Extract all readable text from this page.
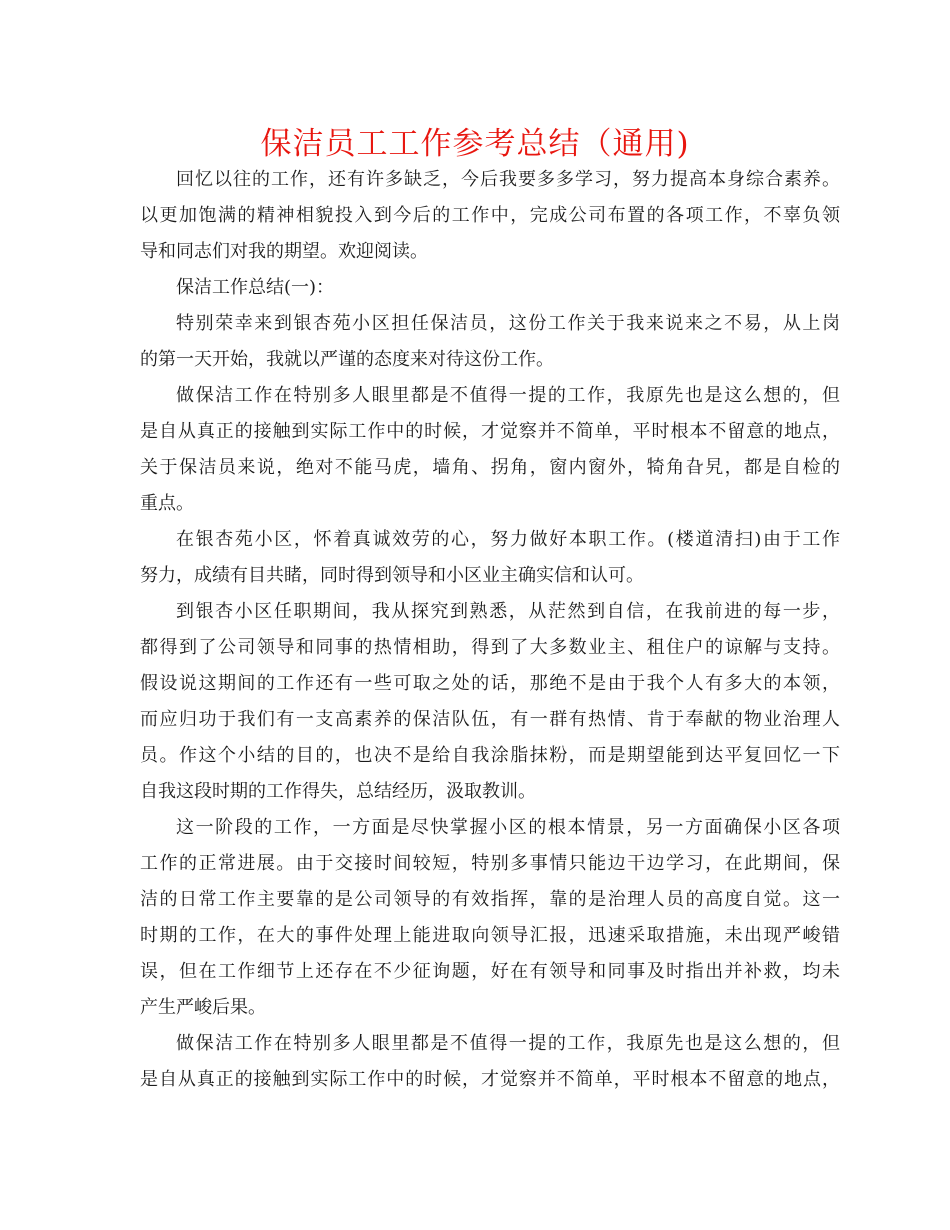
保洁员工工作参考总结（通用)

回忆以往的工作，还有许多缺乏，今后我要多多学习，努力提高本身综合素养。

以更加饱满的精神相貌投入到今后的工作中，完成公司布置的各项工作，不辜负领

导和同志们对我的期望。欢迎阅读。

保洁工作总结(一)：

特别荣幸来到银杏苑小区担任保洁员，这份工作关于我来说来之不易，从上岗

的第一天开始，我就以严谨的态度来对待这份工作。

做保洁工作在特别多人眼里都是不值得一提的工作，我原先也是这么想的，但

是自从真正的接触到实际工作中的时候，才觉察并不简单，平时根本不留意的地点，

关于保洁员来说，绝对不能马虎，墙角、拐角，窗内窗外，犄角旮旯，都是自检的

重点。

在银杏苑小区，怀着真诚效劳的心，努力做好本职工作。(楼道清扫)由于工作

努力，成绩有目共睹，同时得到领导和小区业主确实信和认可。

到银杏小区任职期间，我从探究到熟悉，从茫然到自信，在我前进的每一步，

都得到了公司领导和同事的热情相助，得到了大多数业主、租住户的谅解与支持。

假设说这期间的工作还有一些可取之处的话，那绝不是由于我个人有多大的本领，

而应归功于我们有一支高素养的保洁队伍，有一群有热情、肯于奉献的物业治理人

员。作这个小结的目的，也决不是给自我涂脂抹粉，而是期望能到达平复回忆一下

自我这段时期的工作得失，总结经历，汲取教训。

这一阶段的工作，一方面是尽快掌握小区的根本情景，另一方面确保小区各项

工作的正常进展。由于交接时间较短，特别多事情只能边干边学习，在此期间，保

洁的日常工作主要靠的是公司领导的有效指挥，靠的是治理人员的高度自觉。这一

时期的工作，在大的事件处理上能进取向领导汇报，迅速采取措施，未出现严峻错

误，但在工作细节上还存在不少征询题，好在有领导和同事及时指出并补救，均未

产生严峻后果。

做保洁工作在特别多人眼里都是不值得一提的工作，我原先也是这么想的，但

是自从真正的接触到实际工作中的时候，才觉察并不简单，平时根本不留意的地点，
